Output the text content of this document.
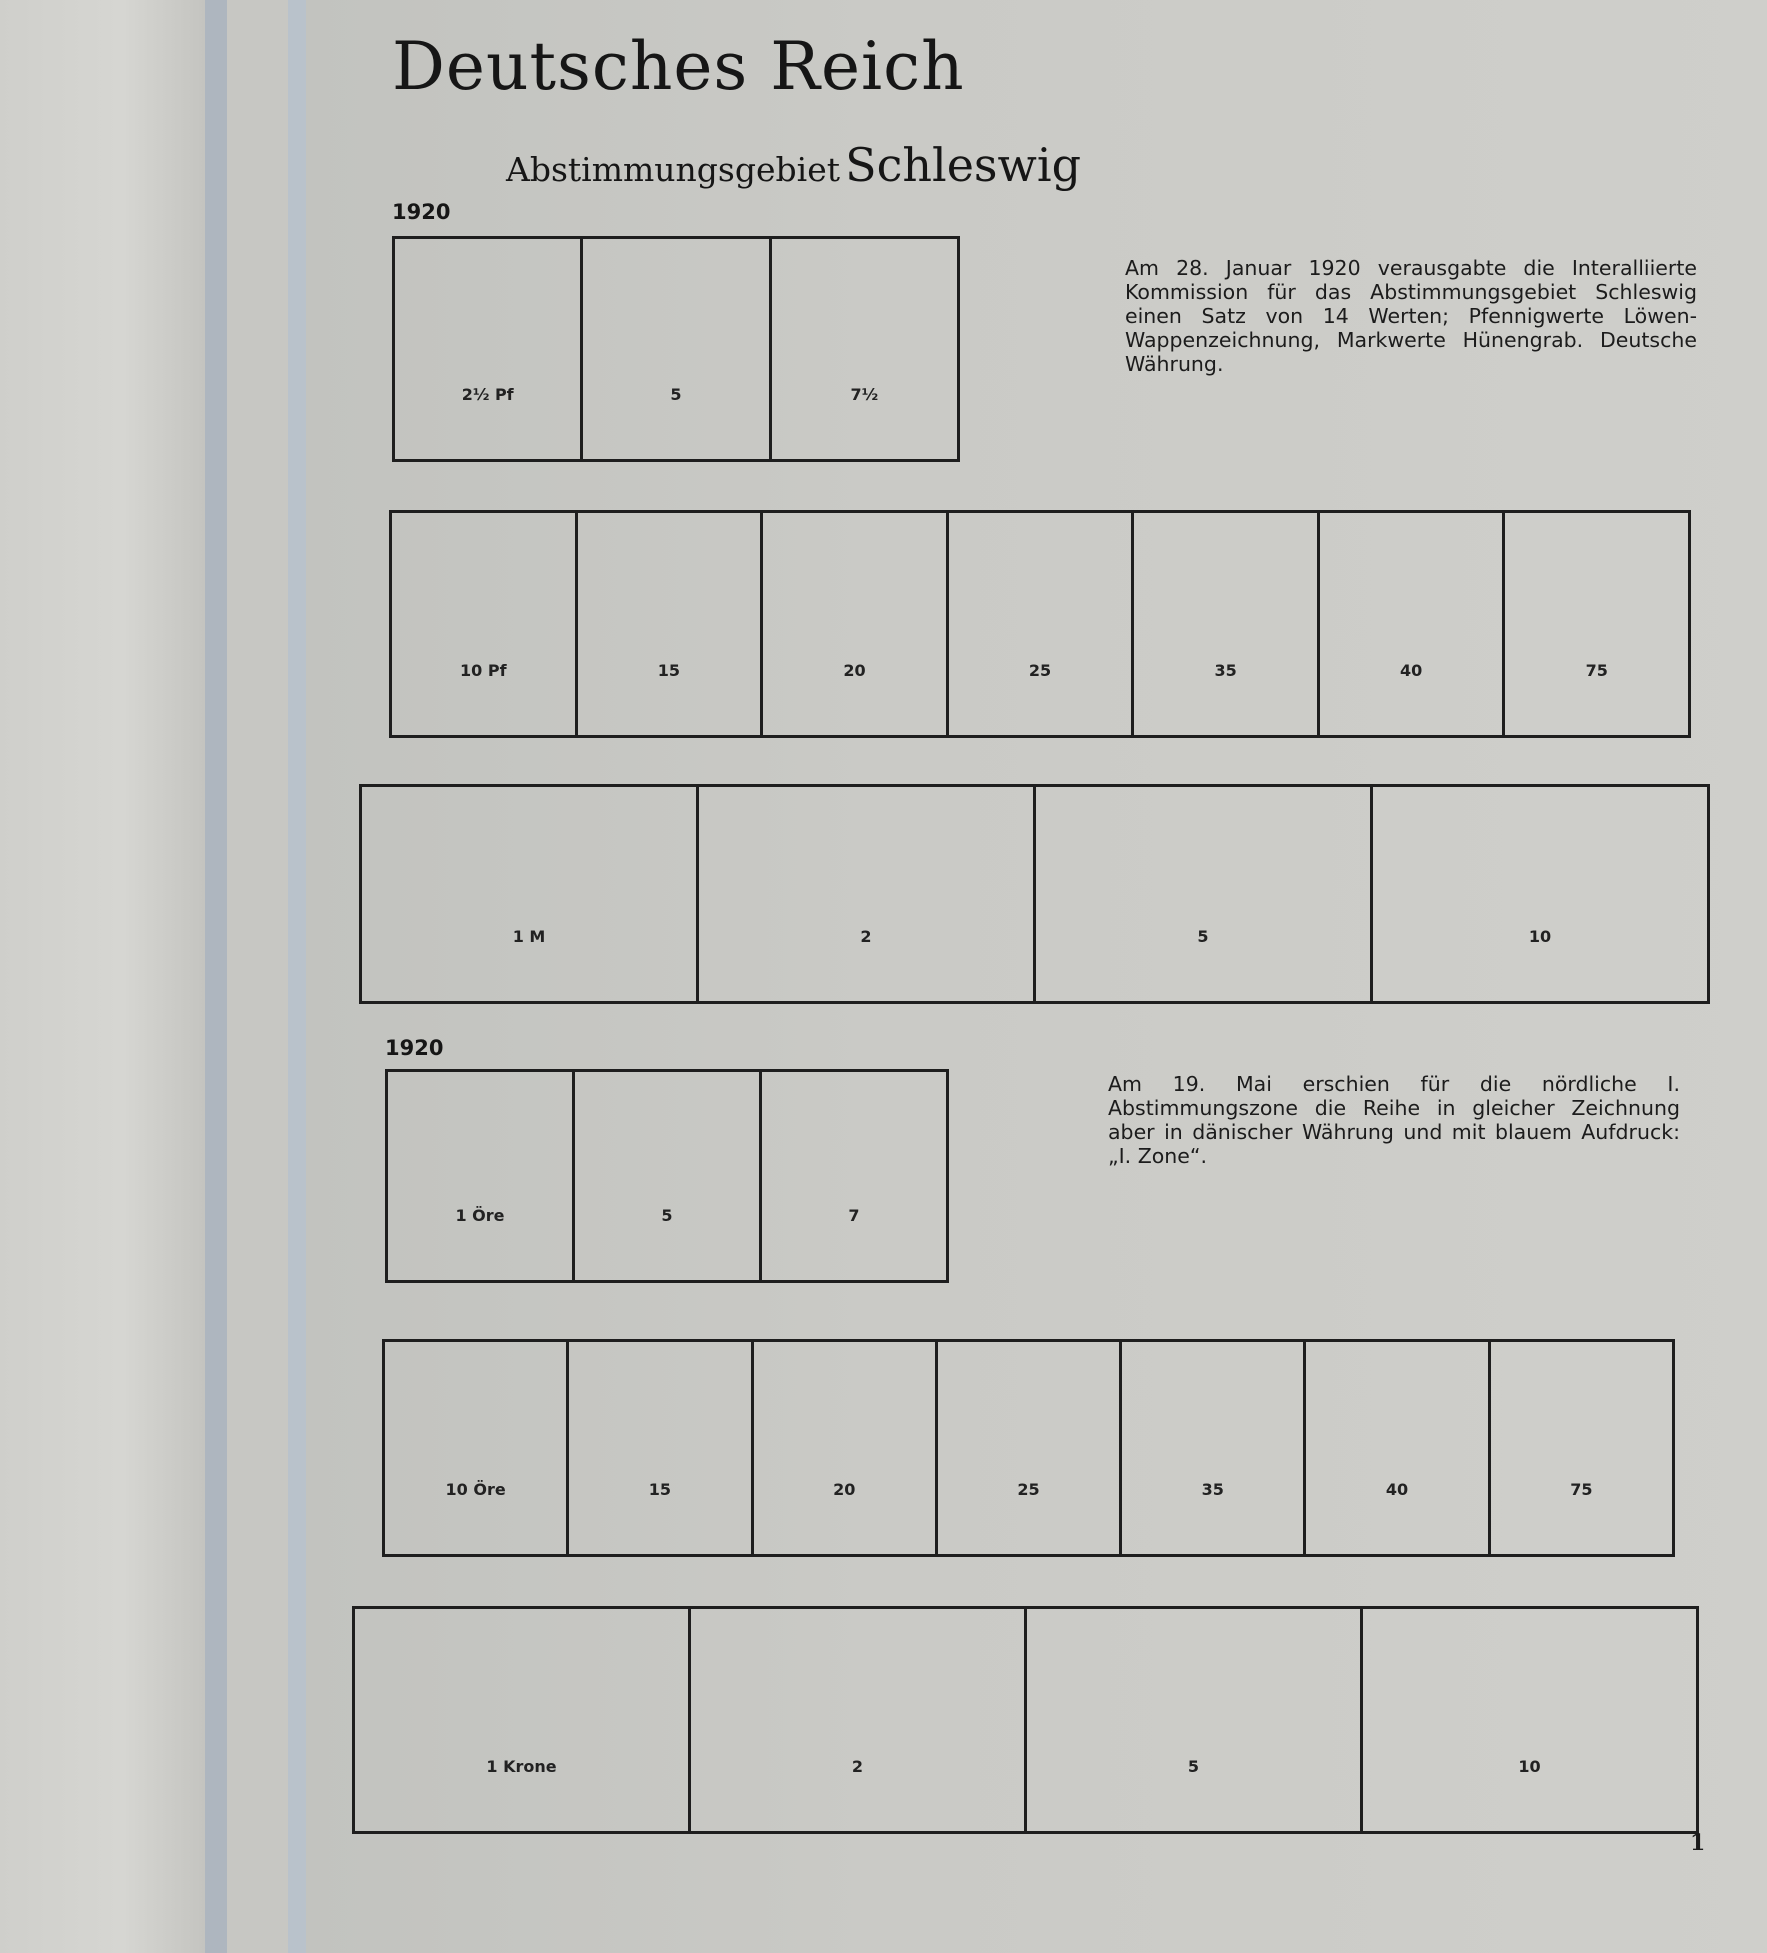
Deutsches Reich
Abstimmungsgebiet Schleswig
1920
Am 28. Januar 1920 verausgabte die Interalliierte Kommission für das Abstimmungsgebiet Schleswig einen Satz von 14 Werten; Pfennigwerte Löwen-Wappenzeichnung, Markwerte Hünengrab. Deutsche Währung.
2½ Pf	5	7½
10 Pf	15	20	25	35	40	75
1 M	2	5	10
1920
Am 19. Mai erschien für die nördliche I. Abstimmungszone die Reihe in gleicher Zeichnung aber in dänischer Währung und mit blauem Aufdruck: „I. Zone“.
1 Öre	5	7
10 Öre	15	20	25	35	40	75
1 Krone	2	5	10
1
